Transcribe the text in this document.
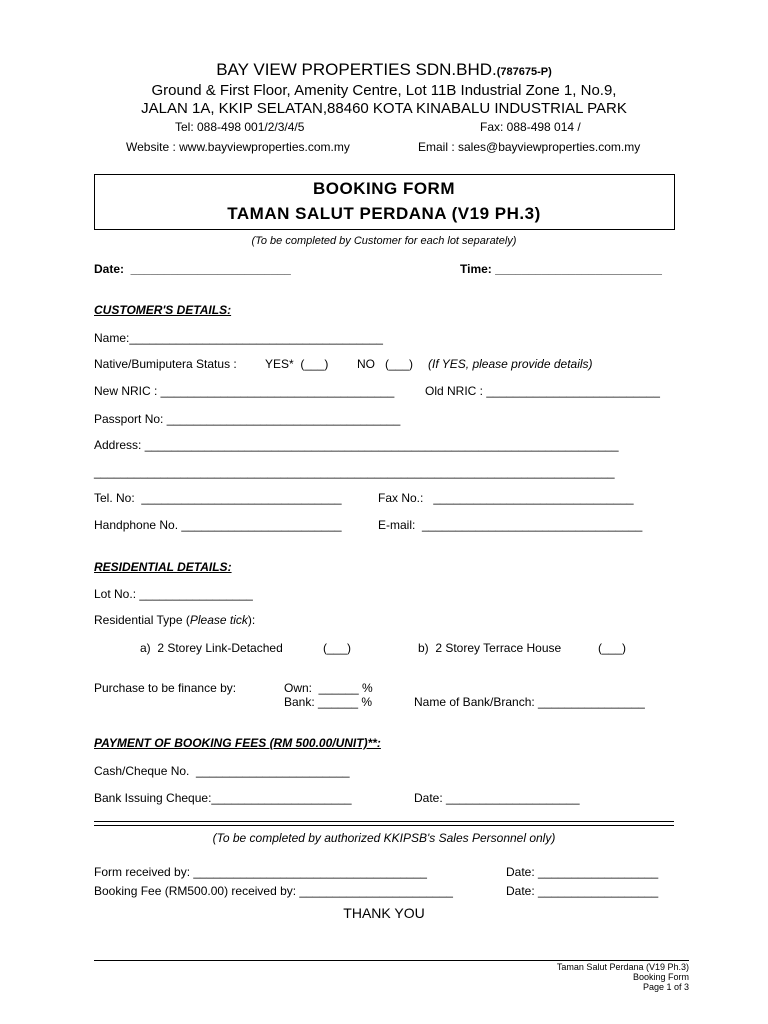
BAY VIEW PROPERTIES SDN.BHD.(787675-P)
Ground & First Floor, Amenity Centre, Lot 11B Industrial Zone 1, No.9,
JALAN 1A, KKIP SELATAN,88460 KOTA KINABALU INDUSTRIAL PARK
Tel: 088-498 001/2/3/4/5	Fax: 088-498 014 /
Website : www.bayviewproperties.com.my	Email : sales@bayviewproperties.com.my
BOOKING FORM
TAMAN SALUT PERDANA (V19 PH.3)
(To be completed by Customer for each lot separately)
Date:  ________________________	Time: _________________________
CUSTOMER'S DETAILS:
Name:______________________________________
Native/Bumiputera Status : YES*  (___) NO   (___) (If YES, please provide details)
New NRIC : ___________________________________	Old NRIC : __________________________
Passport No: ___________________________________
Address: _______________________________________________________________________
______________________________________________________________________________
Tel. No:  ______________________________	Fax No.:   ______________________________
Handphone No. ________________________	E-mail:  _________________________________
RESIDENTIAL DETAILS:
Lot No.: _________________
Residential Type (Please tick):
a)  2 Storey Link-Detached	(___)	b)  2 Storey Terrace House	(___)
Purchase to be finance by:	Own:  ______ %
Bank: ______ %	Name of Bank/Branch: ________________
PAYMENT OF BOOKING FEES (RM 500.00/UNIT)**:
Cash/Cheque No.  _______________________
Bank Issuing Cheque:_____________________	Date: ____________________
(To be completed by authorized KKIPSB's Sales Personnel only)
Form received by: ___________________________________	Date: __________________
Booking Fee (RM500.00) received by: _______________________	Date: __________________
THANK YOU
Taman Salut Perdana (V19 Ph.3)
Booking Form
Page 1 of 3
